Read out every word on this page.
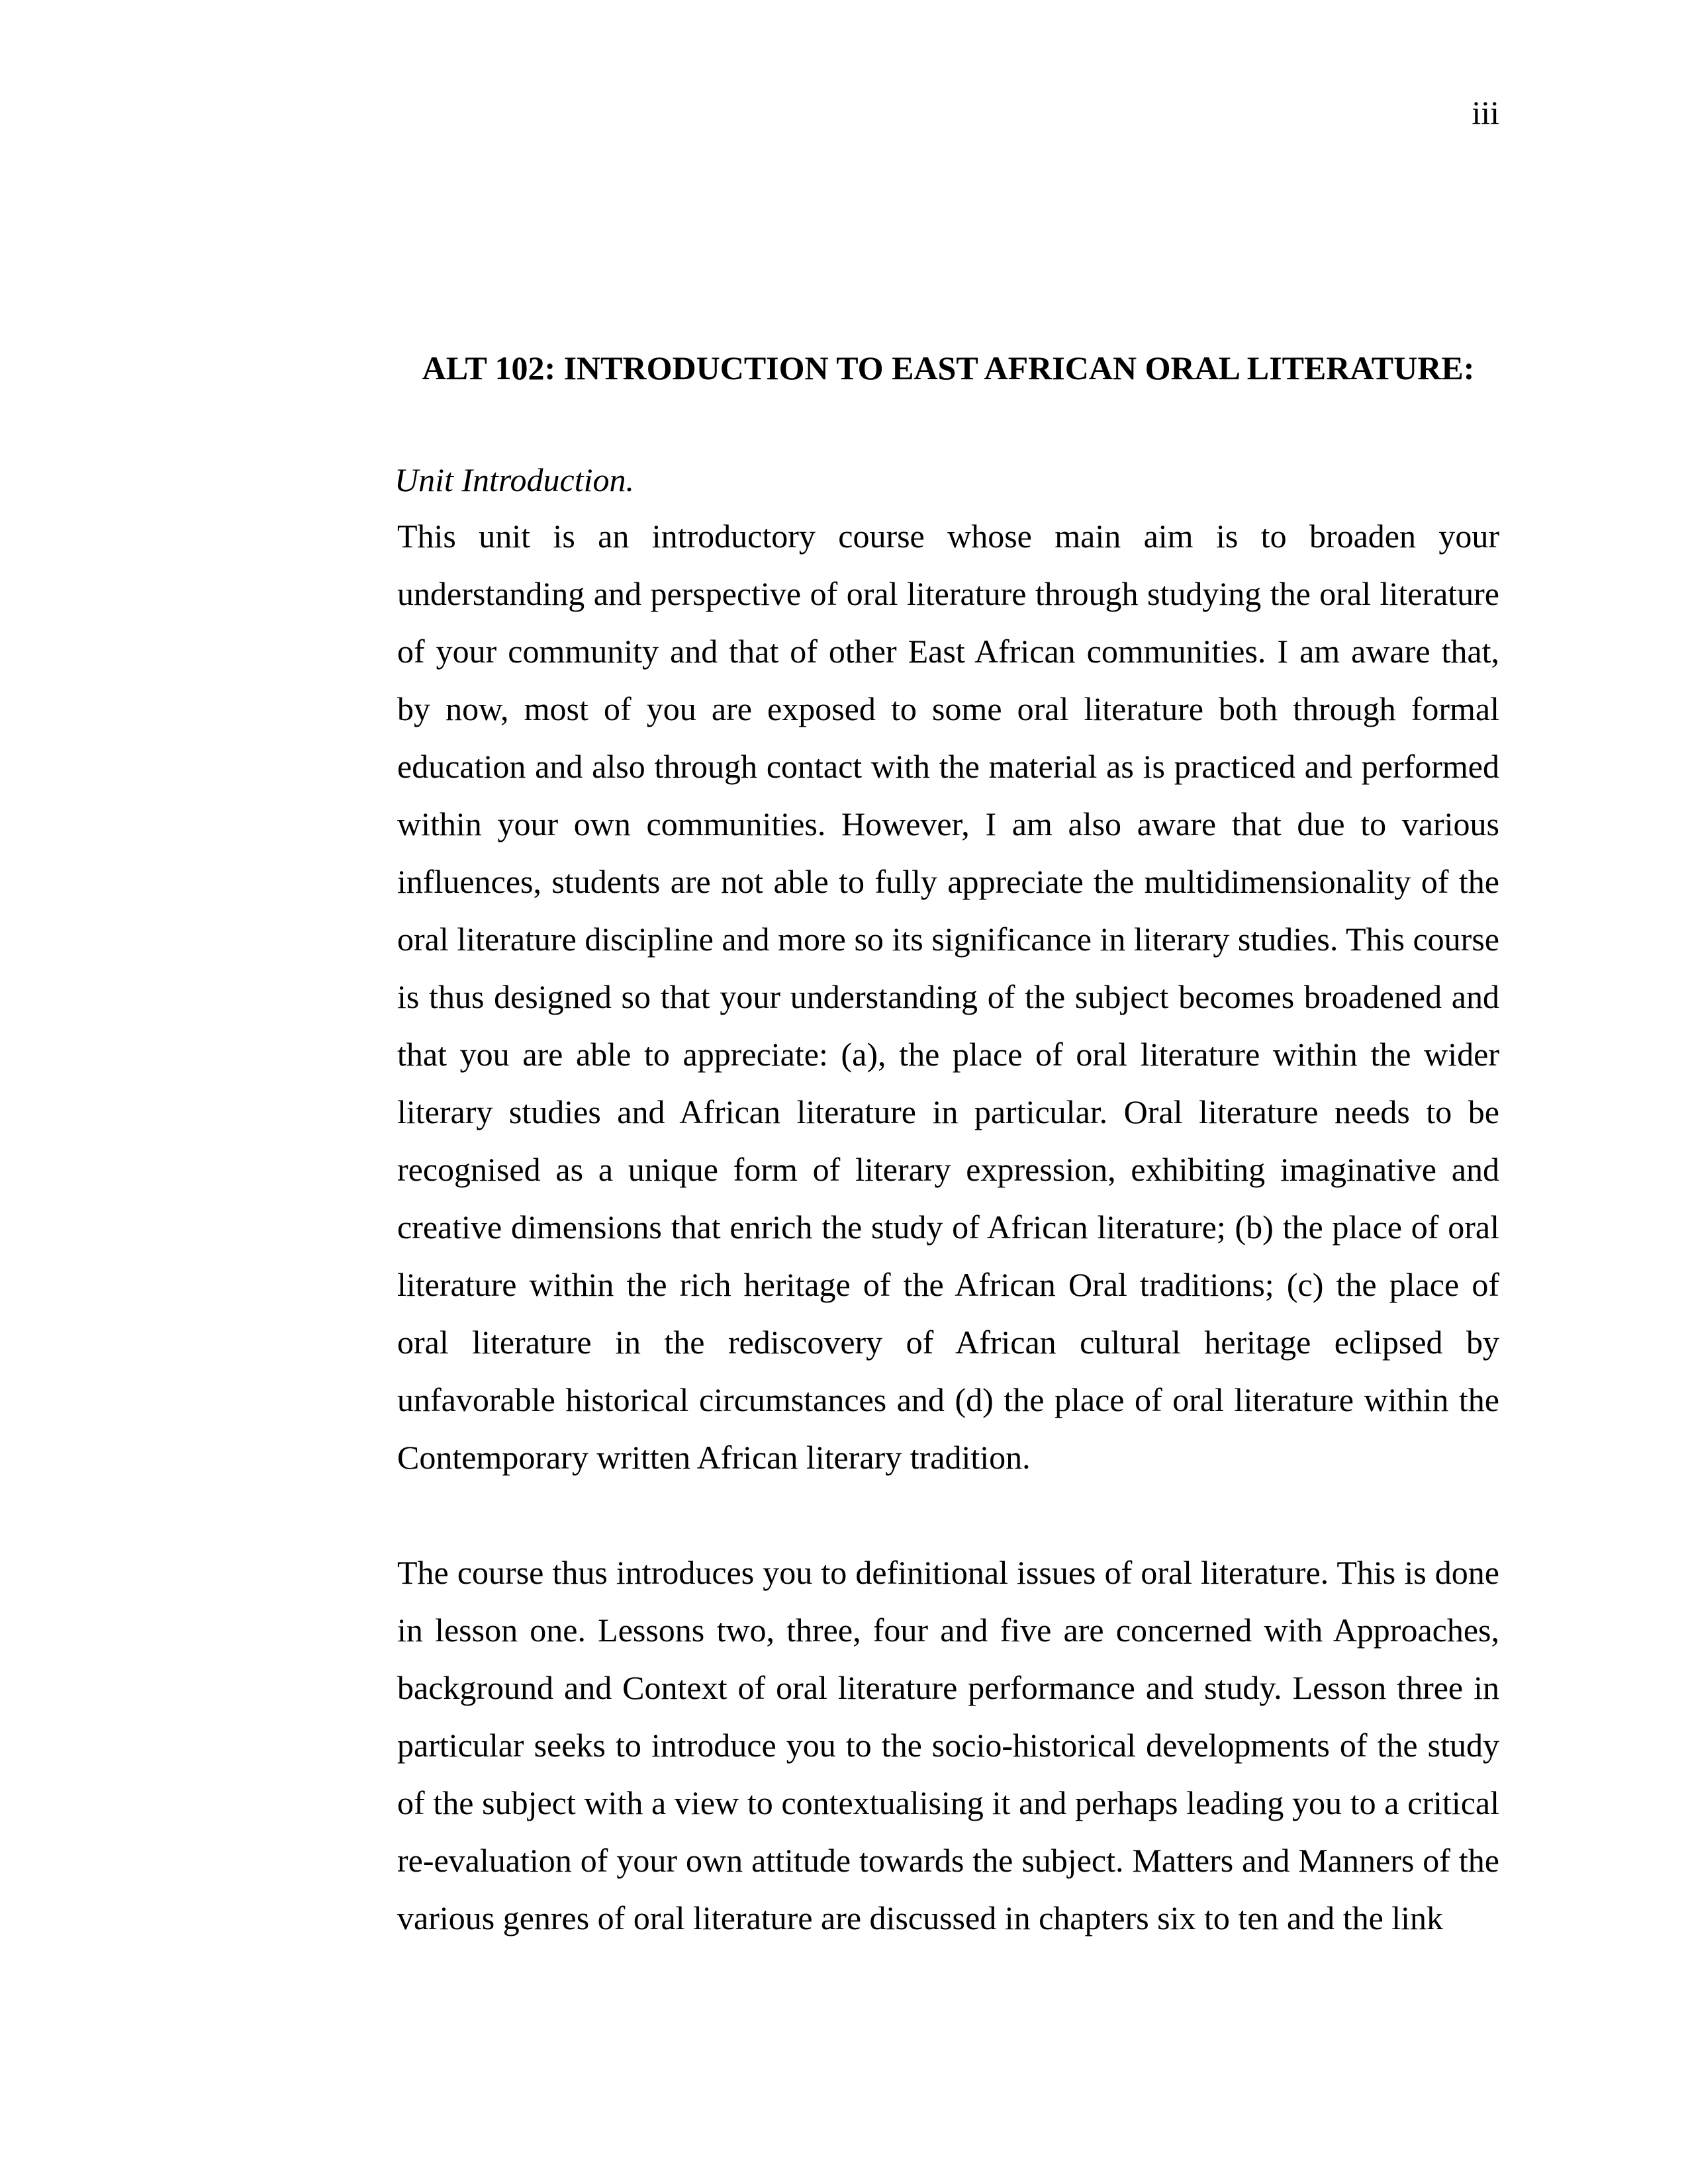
iii
ALT 102: INTRODUCTION TO EAST AFRICAN ORAL LITERATURE:
Unit Introduction.

This unit is an introductory course whose main aim is to broaden your understanding and perspective of oral literature through studying the oral literature of your community and that of other East African communities. I am aware that, by now, most of you are exposed to some oral literature both through formal education and also through contact with the material as is practiced and performed within your own communities. However, I am also aware that due to various influences, students are not able to fully appreciate the multidimensionality of the oral literature discipline and more so its significance in literary studies. This course is thus designed so that your understanding of the subject becomes broadened and that you are able to appreciate: (a), the place of oral literature within the wider literary studies and African literature in particular. Oral literature needs to be recognised as a unique form of literary expression, exhibiting imaginative and creative dimensions that enrich the study of African literature; (b) the place of oral literature within the rich heritage of the African Oral traditions; (c) the place of oral literature in the rediscovery of African cultural heritage eclipsed by unfavorable historical circumstances and (d) the place of oral literature within the Contemporary written African literary tradition.

The course thus introduces you to definitional issues of oral literature. This is done in lesson one. Lessons two, three, four and five are concerned with Approaches, background and Context of oral literature performance and study. Lesson three in particular seeks to introduce you to the socio-historical developments of the study of the subject with a view to contextualising it and perhaps leading you to a critical re-evaluation of your own attitude towards the subject. Matters and Manners of the various genres of oral literature are discussed in chapters six to ten and the link
